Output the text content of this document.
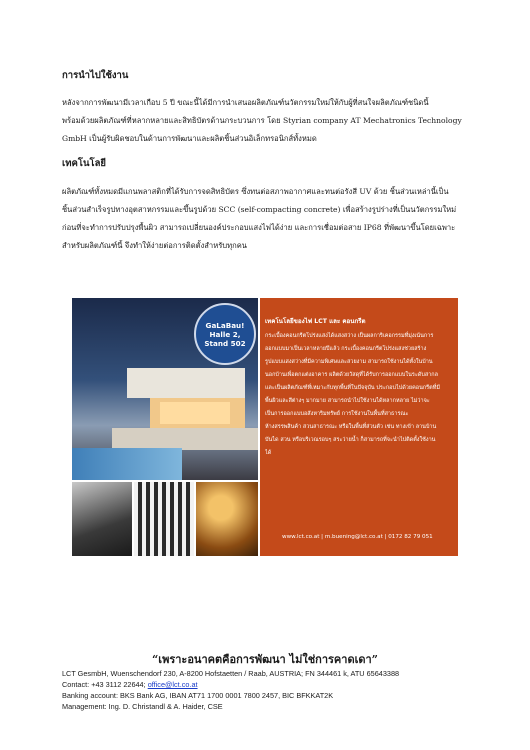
การนำไปใช้งาน
หลังจากการพัฒนามีเวลาเกือบ 5 ปี ขณะนี้ได้มีการนำเสนอผลิตภัณฑ์นวัตกรรมใหม่ให้กับผู้ที่สนใจผลิตภัณฑ์ชนิดนี้
พร้อมด้วยผลิตภัณฑ์ที่หลากหลายและสิทธิบัตรด้านกระบวนการ โดย Styrian company AT Mechatronics Technology
GmbH เป็นผู้รับผิดชอบในด้านการพัฒนาและผลิตชิ้นส่วนอิเล็กทรอนิกส์ทั้งหมด
เทคโนโลยี
ผลิตภัณฑ์ทั้งหมดมีแกนพลาสติกที่ได้รับการจดสิทธิบัตร ซึ่งทนต่อสภาพอากาศและทนต่อรังสี UV ด้วย ชิ้นส่วนเหล่านี้เป็น
ชิ้นส่วนสำเร็จรูปทางอุตสาหกรรมและขึ้นรูปด้วย SCC (self-compacting concrete) เพื่อสร้างรูปร่างที่เป็นนวัตกรรมใหม่
ก่อนที่จะทำการปรับปรุงพื้นผิว สามารถเปลี่ยนองค์ประกอบแสงไฟได้ง่าย และการเชื่อมต่อสาย IP68 ที่พัฒนาขึ้นโดยเฉพาะ
สำหรับผลิตภัณฑ์นี้ จึงทำให้ง่ายต่อการติดตั้งสำหรับทุกคน
GaLaBau!
Halle 2,
Stand 502
เทคโนโลยีของไฟ LCT และ คอนกรีต
กระเบื้องคอนกรีตโปร่งแสงได้แสงสว่าง เป็นผลการิเคอกรรมที่มุ่งเน้นการ
ออกแบบมาเป็นเวลาหลายปีแล้ว กระเบื้องคอนกรีตโปร่งแสงช่วยสร้าง
รูปแบบแสงสว่างที่มีความพิเศษและสวยงาม สามารถใช้งานได้ทั้งในบ้าน
นอกบ้านเพื่อตกแต่งอาคาร ผลิตด้วยวัสดุที่ได้รับการออกแบบในระดับสากล
และเป็นผลิตภัณฑ์ที่เหมาะกับทุกพื้นที่ในปัจจุบัน ประกอบไปด้วยคอนกรีตที่มี
พื้นผิวและสีต่างๆ มากมาย สามารถนำไปใช้งานได้หลากหลาย ไม่ว่าจะ
เป็นการออกแบบอสังหาริมทรัพย์ การใช้งานในพื้นที่สาธารณะ
ห้างสรรพสินค้า สวนสาธารณะ หรือในพื้นที่ส่วนตัว เช่น ทางเข้า ลานบ้าน
บันได สวน หรือบริเวณรอบๆ สระว่ายน้ำ ก็สามารถที่จะนำไปติดตั้งใช้งาน
ได้
www.lct.co.at | m.buening@lct.co.at | 0172 82 79 051
“เพราะอนาคตคือการพัฒนา ไม่ใช่การคาดเดา”
LCT GesmbH, Wuenschendorf 230, A-8200 Hofstaetten / Raab, AUSTRIA; FN 344461 k, ATU 65643388
Contact: +43 3112 22644; office@lct.co.at
Banking account: BKS Bank AG, IBAN AT71 1700 0001 7800 2457, BIC BFKKAT2K
Management: Ing. D. Christandl & A. Haider, CSE
